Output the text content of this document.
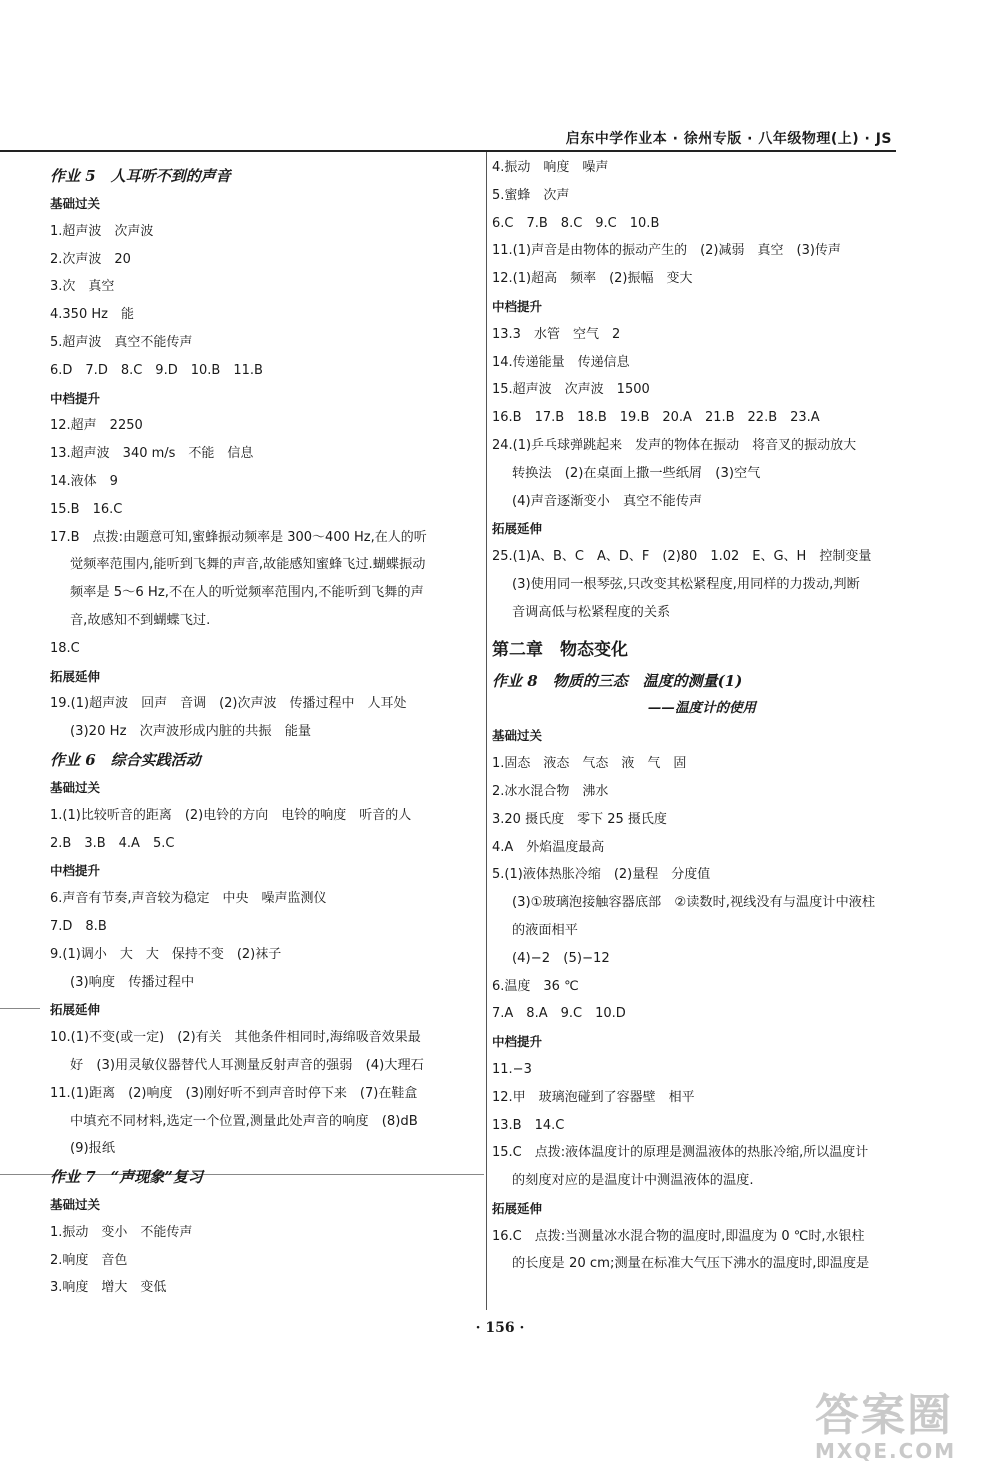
启东中学作业本 · 徐州专版 · 八年级物理(上) · JS
作业 5　人耳听不到的声音
基础过关
1.超声波　次声波
2.次声波　20
3.次　真空
4.350 Hz　能
5.超声波　真空不能传声
6.D　7.D　8.C　9.D　10.B　11.B
中档提升
12.超声　2250
13.超声波　340 m/s　不能　信息
14.液体　9
15.B　16.C
17.B　点拨:由题意可知,蜜蜂振动频率是 300～400 Hz,在人的听
觉频率范围内,能听到飞舞的声音,故能感知蜜蜂飞过.蝴蝶振动
频率是 5～6 Hz,不在人的听觉频率范围内,不能听到飞舞的声
音,故感知不到蝴蝶飞过.
18.C
拓展延伸
19.(1)超声波　回声　音调　(2)次声波　传播过程中　人耳处
(3)20 Hz　次声波形成内脏的共振　能量
作业 6　综合实践活动
基础过关
1.(1)比较听音的距离　(2)电铃的方向　电铃的响度　听音的人
2.B　3.B　4.A　5.C
中档提升
6.声音有节奏,声音较为稳定　中央　噪声监测仪
7.D　8.B
9.(1)调小　大　大　保持不变　(2)袜子
(3)响度　传播过程中
拓展延伸
10.(1)不变(或一定)　(2)有关　其他条件相同时,海绵吸音效果最
好　(3)用灵敏仪器替代人耳测量反射声音的强弱　(4)大理石
11.(1)距离　(2)响度　(3)刚好听不到声音时停下来　(7)在鞋盒
中填充不同材料,选定一个位置,测量此处声音的响度　(8)dB
(9)报纸
作业 7　“声现象”复习
基础过关
1.振动　变小　不能传声
2.响度　音色
3.响度　增大　变低
4.振动　响度　噪声
5.蜜蜂　次声
6.C　7.B　8.C　9.C　10.B
11.(1)声音是由物体的振动产生的　(2)减弱　真空　(3)传声
12.(1)超高　频率　(2)振幅　变大
中档提升
13.3　水管　空气　2
14.传递能量　传递信息
15.超声波　次声波　1500
16.B　17.B　18.B　19.B　20.A　21.B　22.B　23.A
24.(1)乒乓球弹跳起来　发声的物体在振动　将音叉的振动放大
转换法　(2)在桌面上撒一些纸屑　(3)空气
(4)声音逐渐变小　真空不能传声
拓展延伸
25.(1)A、B、C　A、D、F　(2)80　1.02　E、G、H　控制变量
(3)使用同一根琴弦,只改变其松紧程度,用同样的力拨动,判断
音调高低与松紧程度的关系
第二章　物态变化
作业 8　物质的三态　温度的测量(1)
——温度计的使用
基础过关
1.固态　液态　气态　液　气　固
2.冰水混合物　沸水
3.20 摄氏度　零下 25 摄氏度
4.A　外焰温度最高
5.(1)液体热胀冷缩　(2)量程　分度值
(3)①玻璃泡接触容器底部　②读数时,视线没有与温度计中液柱
的液面相平
(4)−2　(5)−12
6.温度　36 ℃
7.A　8.A　9.C　10.D
中档提升
11.−3
12.甲　玻璃泡碰到了容器壁　相平
13.B　14.C
15.C　点拨:液体温度计的原理是测温液体的热胀冷缩,所以温度计
的刻度对应的是温度计中测温液体的温度.
拓展延伸
16.C　点拨:当测量冰水混合物的温度时,即温度为 0 ℃时,水银柱
的长度是 20 cm;测量在标准大气压下沸水的温度时,即温度是
· 156 ·
答案圈
MXQE.COM
